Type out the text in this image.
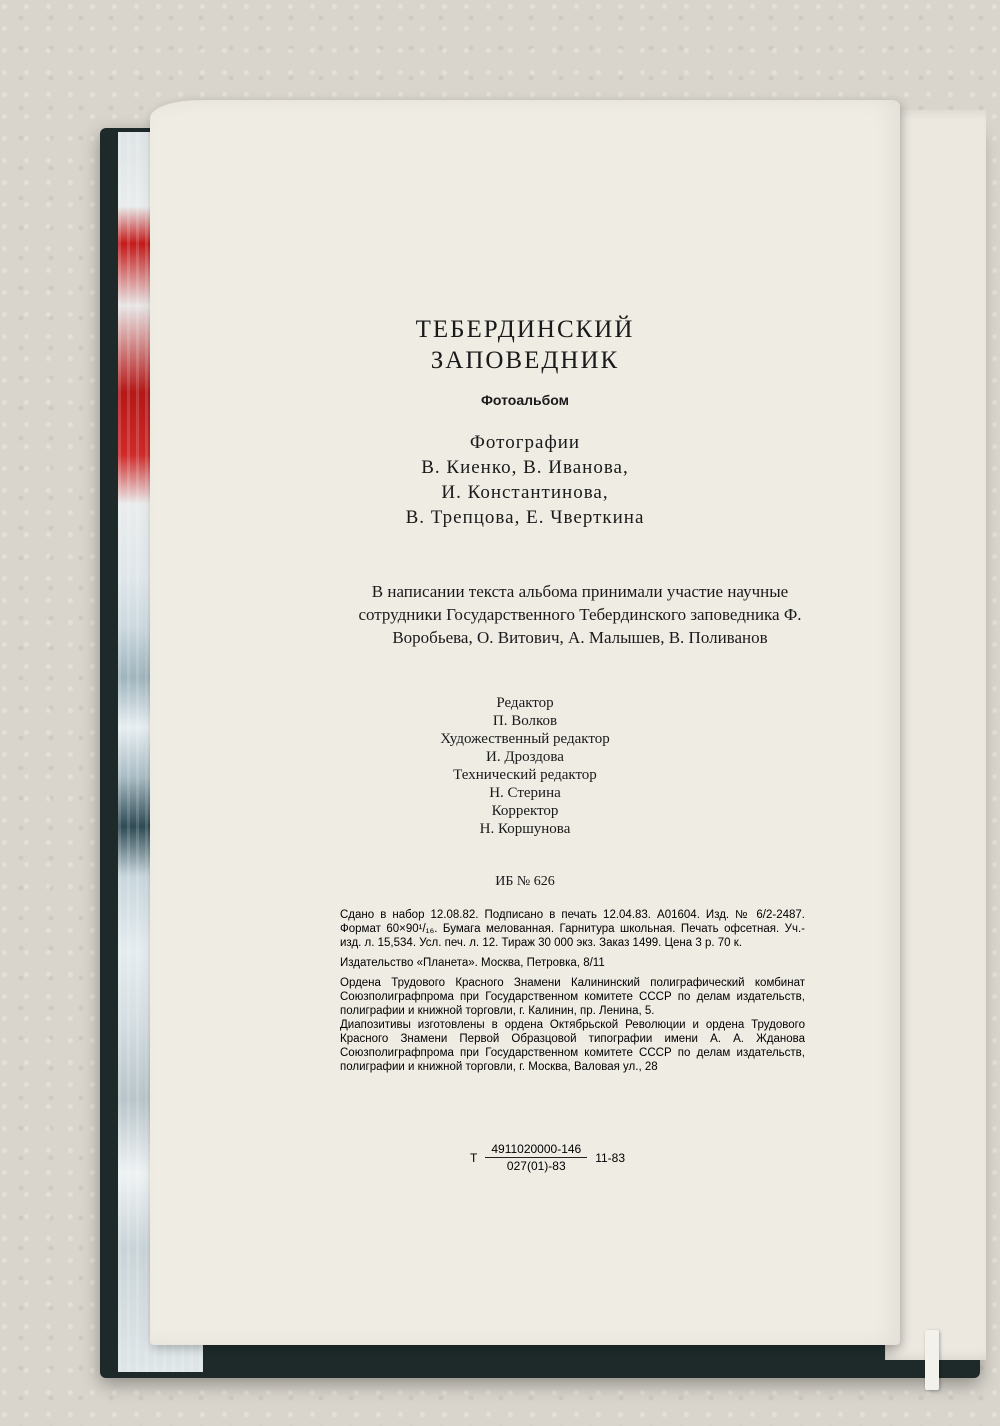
ТЕБЕРДИНСКИЙ
ЗАПОВЕДНИК
Фотоальбом
Фотографии
В. Киенко, В. Иванова,
И. Константинова,
В. Трепцова, Е. Чверткина
В написании текста альбома принимали участие научные сотрудники Государственного Тебердинского заповедника Ф. Воробьева, О. Витович, А. Малышев, В. Поливанов
Редактор
П. Волков
Художественный редактор
И. Дроздова
Технический редактор
Н. Стерина
Корректор
Н. Коршунова
ИБ № 626

Сдано в набор 12.08.82. Подписано в печать 12.04.83. А01604. Изд. № 6/2-2487. Формат 60×90¹/₁₆. Бумага мелованная. Гарнитура школьная. Печать офсетная. Уч.-изд. л. 15,534. Усл. печ. л. 12. Тираж 30 000 экз. Заказ 1499. Цена 3 р. 70 к.

Издательство «Планета». Москва, Петровка, 8/11

Ордена Трудового Красного Знамени Калининский полиграфический комбинат Союзполиграфпрома при Государственном комитете СССР по делам издательств, полиграфии и книжной торговли, г. Калинин, пр. Ленина, 5.

Диапозитивы изготовлены в ордена Октябрьской Революции и ордена Трудового Красного Знамени Первой Образцовой типографии имени А. А. Жданова Союзполиграфпрома при Государственном комитете СССР по делам издательств, полиграфии и книжной торговли, г. Москва, Валовая ул., 28

Т $\frac{4911020000-146}{027(01)-83} 11-83$
